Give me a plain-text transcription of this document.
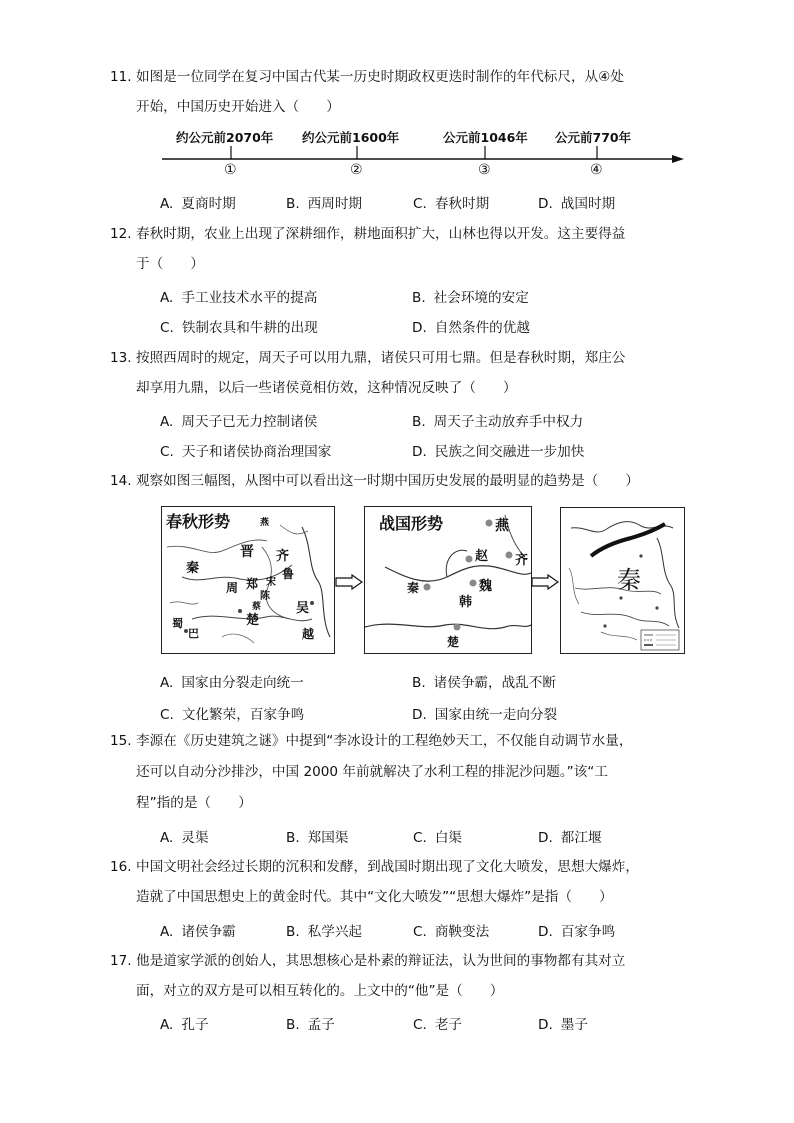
11. 如图是一位同学在复习中国古代某一历史时期政权更迭时制作的年代标尺，从④处
开始，中国历史开始进入（　　）
约公元前2070年 约公元前1600年	公元前1046年 公元前770年
①	②	③	④
A. 夏商时期	B. 西周时期	C. 春秋时期	D. 战国时期
12. 春秋时期，农业上出现了深耕细作，耕地面积扩大，山林也得以开发。这主要得益
于（　　）
A. 手工业技术水平的提高	B. 社会环境的安定
C. 铁制农具和牛耕的出现	D. 自然条件的优越
13. 按照西周时的规定，周天子可以用九鼎，诸侯只可用七鼎。但是春秋时期，郑庄公
却享用九鼎，以后一些诸侯竟相仿效，这种情况反映了（　　）
A. 周天子已无力控制诸侯	B. 周天子主动放弃手中权力
C. 天子和诸侯协商治理国家	D. 民族之间交融进一步加快
14. 观察如图三幅图，从图中可以看出这一时期中国历史发展的最明显的趋势是（　　）
春秋形势	燕
晋 齐
秦
周 郑 宋
鲁
陈
蔡
楚
吴
蜀
巴	越
战国形势	燕
赵 齐
秦	魏
韩
楚
秦
A. 国家由分裂走向统一	B. 诸侯争霸，战乱不断
C. 文化繁荣，百家争鸣	D. 国家由统一走向分裂
15. 李源在《历史建筑之谜》中提到“李冰设计的工程绝妙天工，不仅能自动调节水量，
还可以自动分沙排沙，中国 2000 年前就解决了水利工程的排泥沙问题。”该“工
程”指的是（　　）
A. 灵渠	B. 郑国渠	C. 白渠	D. 都江堰
16. 中国文明社会经过长期的沉积和发酵，到战国时期出现了文化大喷发，思想大爆炸，
造就了中国思想史上的黄金时代。其中“文化大喷发”“思想大爆炸”是指（　　）
A. 诸侯争霸	B. 私学兴起	C. 商鞅变法	D. 百家争鸣
17. 他是道家学派的创始人，其思想核心是朴素的辩证法，认为世间的事物都有其对立
面，对立的双方是可以相互转化的。上文中的“他”是（　　）
A. 孔子	B. 孟子	C. 老子	D. 墨子
